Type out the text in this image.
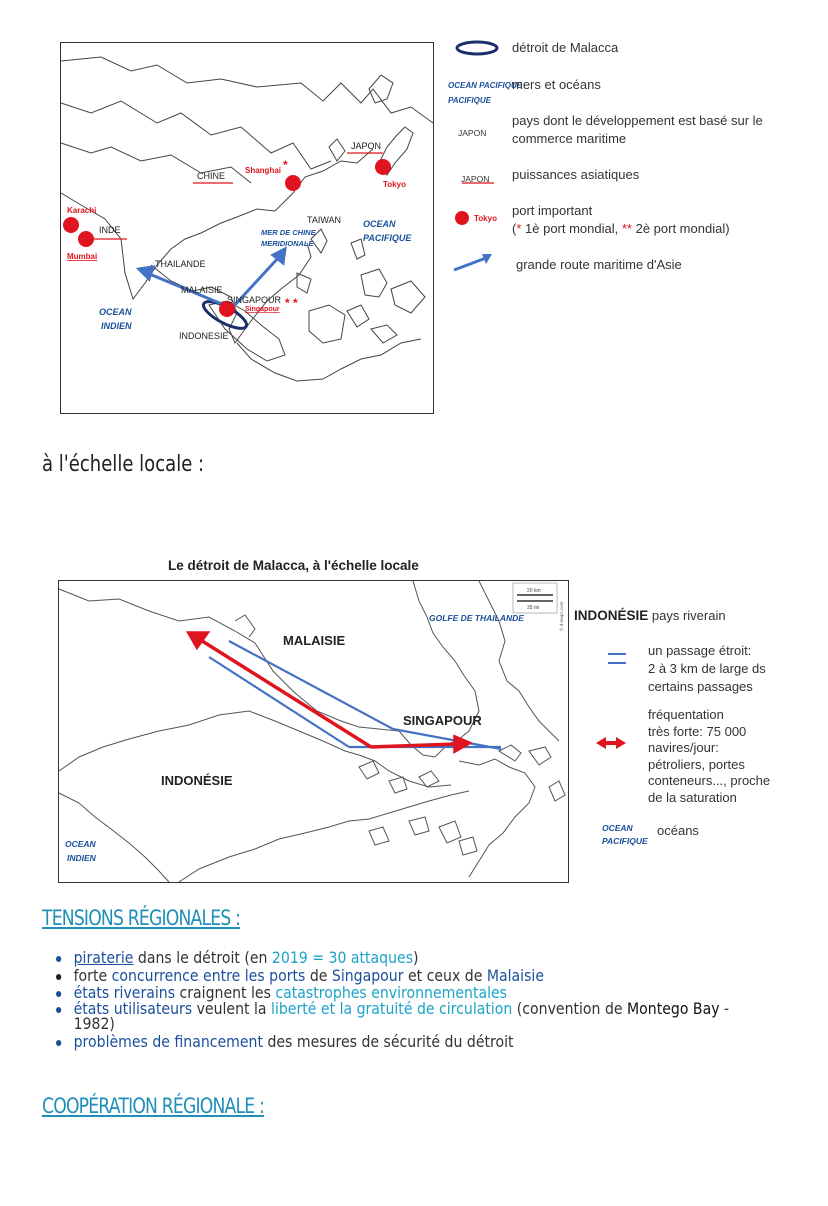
CHINE
JAPON
Shanghai *
Tokyo
Karachi
INDE
Mumbai
TAIWAN
MER DE CHINE
MERIDIONALE
OCEAN
PACIFIQUE
THAILANDE
MALAISIE
SINGAPOUR
Singapour * *
OCEAN
INDIEN
INDONESIE
OCEAN PACIFIQUE
Tokyo
PACIFIQUE
JAPON
JAPON
détroit de Malacca
mers et océans
pays dont le développement est basé sur le commerce maritime
puissances asiatiques
port important
(* 1è port mondial, ** 2è port mondial)
grande route maritime d'Asie
à l'échelle locale :
Le détroit de Malacca, à l'échelle locale
20 km
35 mi	© d-maps.com
MALAISIE
SINGAPOUR
INDONÉSIE
GOLFE DE THAILANDE
OCEAN
INDIEN
INDONÉSIE pays riverain
un passage étroit:
2 à 3 km de large ds
certains passages
fréquentation
très forte: 75 000
navires/jour:
pétroliers, portes
conteneurs..., proche
de la saturation
OCEAN
PACIFIQUE
océans
TENSIONS RÉGIONALES :
piraterie dans le détroit (en 2019 = 30 attaques)
forte concurrence entre les ports de Singapour et ceux de Malaisie
états riverains craignent les catastrophes environnementales
états utilisateurs veulent la liberté et la gratuité de circulation (convention de Montego Bay -
1982)
problèmes de financement des mesures de sécurité du détroit
COOPÉRATION RÉGIONALE :
